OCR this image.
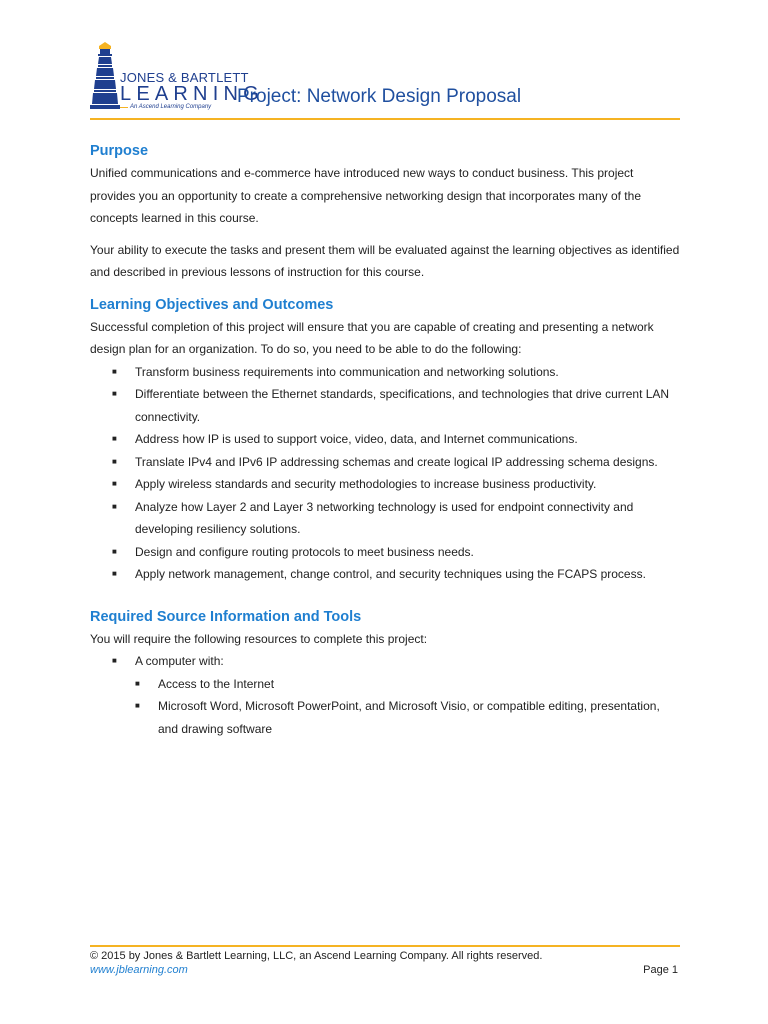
JONES & BARTLETT
LEARNING
An Ascend Learning Company Project: Network Design Proposal
Purpose

Unified communications and e-commerce have introduced new ways to conduct business. This project provides you an opportunity to create a comprehensive networking design that incorporates many of the concepts learned in this course.

Your ability to execute the tasks and present them will be evaluated against the learning objectives as identified and described in previous lessons of instruction for this course.

Learning Objectives and Outcomes

Successful completion of this project will ensure that you are capable of creating and presenting a network design plan for an organization. To do so, you need to be able to do the following:

■ Transform business requirements into communication and networking solutions.
■ Differentiate between the Ethernet standards, specifications, and technologies that drive current LAN connectivity.
■ Address how IP is used to support voice, video, data, and Internet communications.
■ Translate IPv4 and IPv6 IP addressing schemas and create logical IP addressing schema designs.
■ Apply wireless standards and security methodologies to increase business productivity.
■ Analyze how Layer 2 and Layer 3 networking technology is used for endpoint connectivity and developing resiliency solutions.
■ Design and configure routing protocols to meet business needs.
■ Apply network management, change control, and security techniques using the FCAPS process.
Required Source Information and Tools

You will require the following resources to complete this project:

■ A computer with:
■ Access to the Internet
■ Microsoft Word, Microsoft PowerPoint, and Microsoft Visio, or compatible editing, presentation, and drawing software
© 2015 by Jones & Bartlett Learning, LLC, an Ascend Learning Company. All rights reserved.
www.jblearning.com	Page 1
